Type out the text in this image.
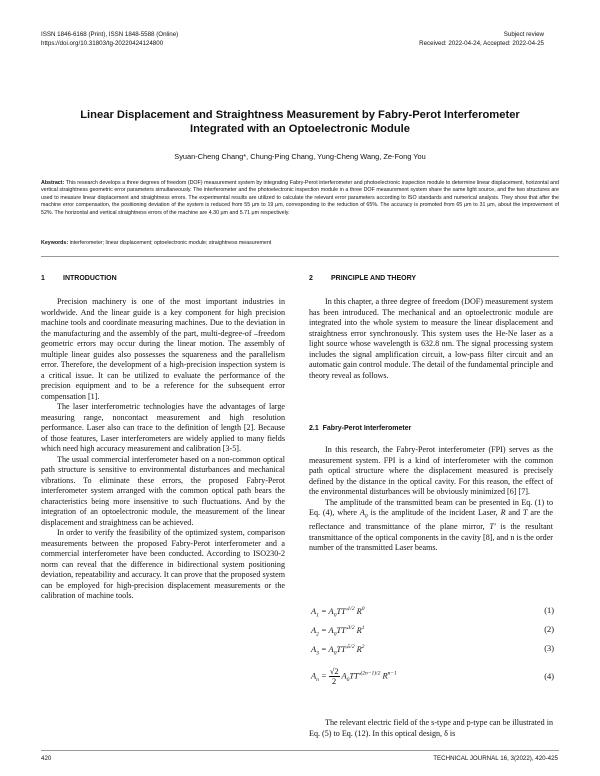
ISSN 1846-6168 (Print), ISSN 1848-5588 (Online)
https://doi.org/10.31803/tg-20220424124800
Subject review
Received: 2022-04-24, Accepted: 2022-04-25
Linear Displacement and Straightness Measurement by Fabry-Perot Interferometer Integrated with an Optoelectronic Module
Syuan-Cheng Chang*, Chung-Ping Chang, Yung-Cheng Wang, Ze-Fong You
Abstract: This research develops a three degrees of freedom (DOF) measurement system by integrating Fabry-Perot interferometer and photoelectronic inspection module to determine linear displacement, horizontal and vertical straightness geometric error parameters simultaneously. The interferometer and the photoelectronic inspection module in a three DOF measurement system share the same light source, and the two structures are used to measure linear displacement and straightness errors. The experimental results are utilized to calculate the relevant error parameters according to ISO standards and numerical analysis. They show that after the machine error compensation, the positioning deviation of the system is reduced from 55 μm to 19 μm, corresponding to the reduction of 65%. The accuracy is promoted from 65 μm to 31 μm, about the improvement of 52%. The horizontal and vertical straightness errors of the machine are 4.30 μm and 5.71 μm respectively.
Keywords: interferometer; linear displacement; optoelectronic module; straightness measurement
1	INTRODUCTION	2	PRINCIPLE AND THEORY

Precision machinery is one of the most important industries in worldwide. And the linear guide is a key component for high precision machine tools and coordinate measuring machines. Due to the deviation in the manufacturing and the assembly of the part, multi-degree-of –freedom geometric errors may occur during the linear motion. The assembly of multiple linear guides also possesses the squareness and the parallelism error. Therefore, the development of a high-precision inspection system is a critical issue. It can be utilized to evaluate the performance of the precision equipment and to be a reference for the subsequent error compensation [1].

The laser interferometric technologies have the advantages of large measuring range, noncontact measurement and high resolution performance. Laser also can trace to the definition of length [2]. Because of those features, Laser interferometers are widely applied to many fields which need high accuracy measurement and calibration [3-5].

The usual commercial interferometer based on a non-common optical path structure is sensitive to environmental disturbances and mechanical vibrations. To eliminate these errors, the proposed Fabry-Perot interferometer system arranged with the common optical path bears the characteristics being more insensitive to such fluctuations. And by the integration of an optoelectronic module, the measurement of the linear displacement and straightness can be achieved.

In order to verify the feasibility of the optimized system, comparison measurements between the proposed Fabry-Perot interferometer and a commercial interferometer have been conducted. According to ISO230-2 norm can reveal that the difference in bidirectional system positioning deviation, repeatability and accuracy. It can prove that the proposed system can be employed for high-precision displacement measurements or the calibration of machine tools.

In this chapter, a three degree of freedom (DOF) measurement system has been introduced. The mechanical and an optoelectronic module are integrated into the whole system to measure the linear displacement and straightness error synchronously. This system uses the He-Ne laser as a light source whose wavelength is 632.8 nm. The signal processing system includes the signal amplification circuit, a low-pass filter circuit and an automatic gain control module. The detail of the fundamental principle and theory reveal as follows.

2.1 Fabry-Perot Interferometer

In this research, the Fabry-Perot interferometer (FPI) serves as the measurement system. FPI is a kind of interferometer with the common path optical structure where the displacement measured is precisely defined by the distance in the optical cavity. For this reason, the effect of the environmental disturbances will be obviously minimized [6] [7].

The amplitude of the transmitted beam can be presented in Eq. (1) to Eq. (4), where $A_0$ is the amplitude of the incident Laser, R and T are the reflectance and transmittance of the plane mirror, T' is the resultant transmittance of the optical components in the cavity [8], and n is the order number of the transmitted Laser beams.

$A_1 = A_0TT'^{1/2}$ $R^0$	(1)
$A_2 = A_0TT'^{3/2}$ $R^1$	(2)
$A_3 = A_0TT'^{5/2}$ $R^2$	(3)
$A_n = \frac{√2}{2} A_0TT'^{(2n-1)/2}$ $R^{n-1}$	(4)

The relevant electric field of the s-type and p-type can be illustrated in Eq. (5) to Eq. (12). In this optical design, δ is

420	TECHNICAL JOURNAL 16, 3(2022), 420-425
